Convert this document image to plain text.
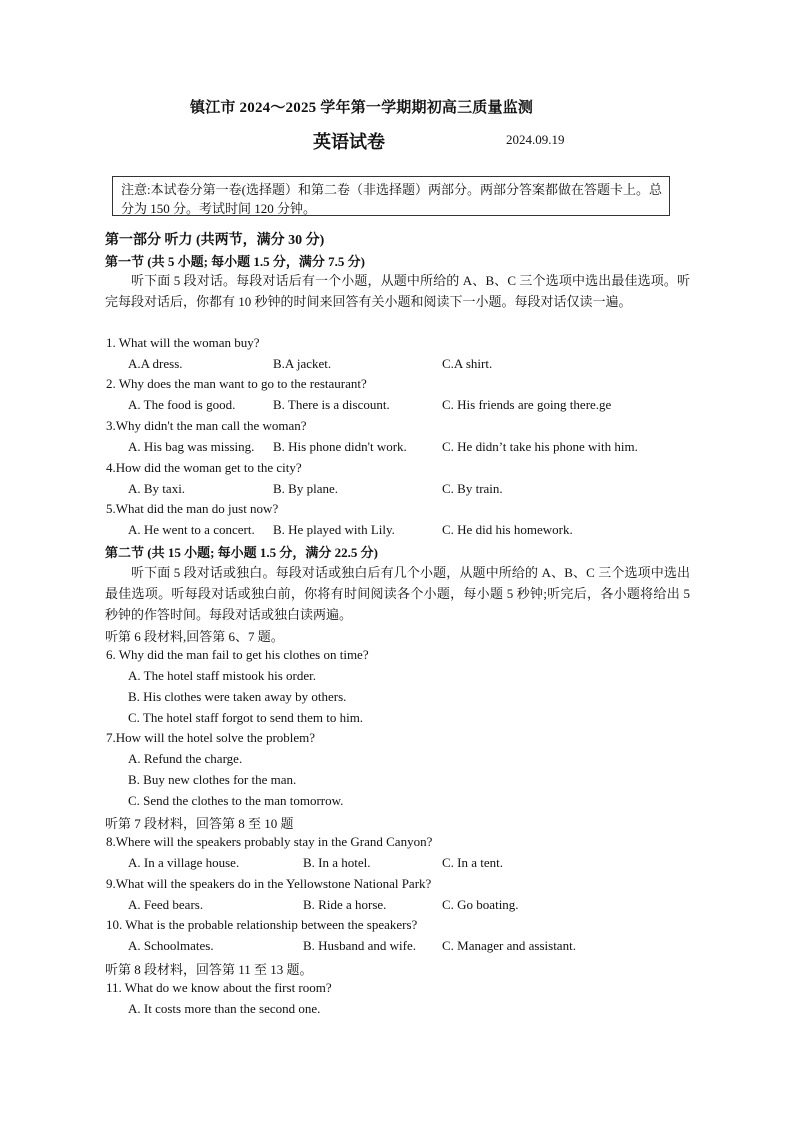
镇江市 2024～2025 学年第一学期期初高三质量监测
英语试卷	2024.09.19
注意:本试卷分第一卷(选择题）和第二卷（非选择题）两部分。两部分答案都做在答题卡上。总分为 150 分。考试时间 120 分钟。
第一部分 听力 (共两节，满分 30 分)
第一节 (共 5 小题; 每小题 1.5 分，满分 7.5 分)
听下面 5 段对话。每段对话后有一个小题，从题中所给的 A、B、C 三个选项中选出最佳选项。听完每段对话后，你都有 10 秒钟的时间来回答有关小题和阅读下一小题。每段对话仅读一遍。
1. What will the woman buy?
A.A dress.	B.A jacket.	C.A shirt.
2. Why does the man want to go to the restaurant?
A. The food is good.	B. There is a discount.	C. His friends are going there.ge
3.Why didn't the man call the woman?
A. His bag was missing. B. His phone didn't work.	C. He didn’t take his phone with him.
4.How did the woman get to the city?
A. By taxi.	B. By plane.	C. By train.
5.What did the man do just now?
A. He went to a concert. B. He played with Lily.	C. He did his homework.
第二节 (共 15 小题; 每小题 1.5 分，满分 22.5 分)
听下面 5 段对话或独白。每段对话或独白后有几个小题，从题中所给的 A、B、C 三个选项中选出最佳选项。听每段对话或独白前，你将有时间阅读各个小题，每小题 5 秒钟;听完后，各小题将给出 5 秒钟的作答时间。每段对话或独白读两遍。
听第 6 段材料,回答第 6、7 题。
6. Why did the man fail to get his clothes on time?
A. The hotel staff mistook his order.
B. His clothes were taken away by others.
C. The hotel staff forgot to send them to him.
7.How will the hotel solve the problem?
A. Refund the charge.
B. Buy new clothes for the man.
C. Send the clothes to the man tomorrow.
听第 7 段材料，回答第 8 至 10 题
8.Where will the speakers probably stay in the Grand Canyon?
A. In a village house.	B. In a hotel.	C. In a tent.
9.What will the speakers do in the Yellowstone National Park?
A. Feed bears.	B. Ride a horse.	C. Go boating.
10. What is the probable relationship between the speakers?
A. Schoolmates.	B. Husband and wife. C. Manager and assistant.
听第 8 段材料，回答第 11 至 13 题。
11. What do we know about the first room?
A. It costs more than the second one.
